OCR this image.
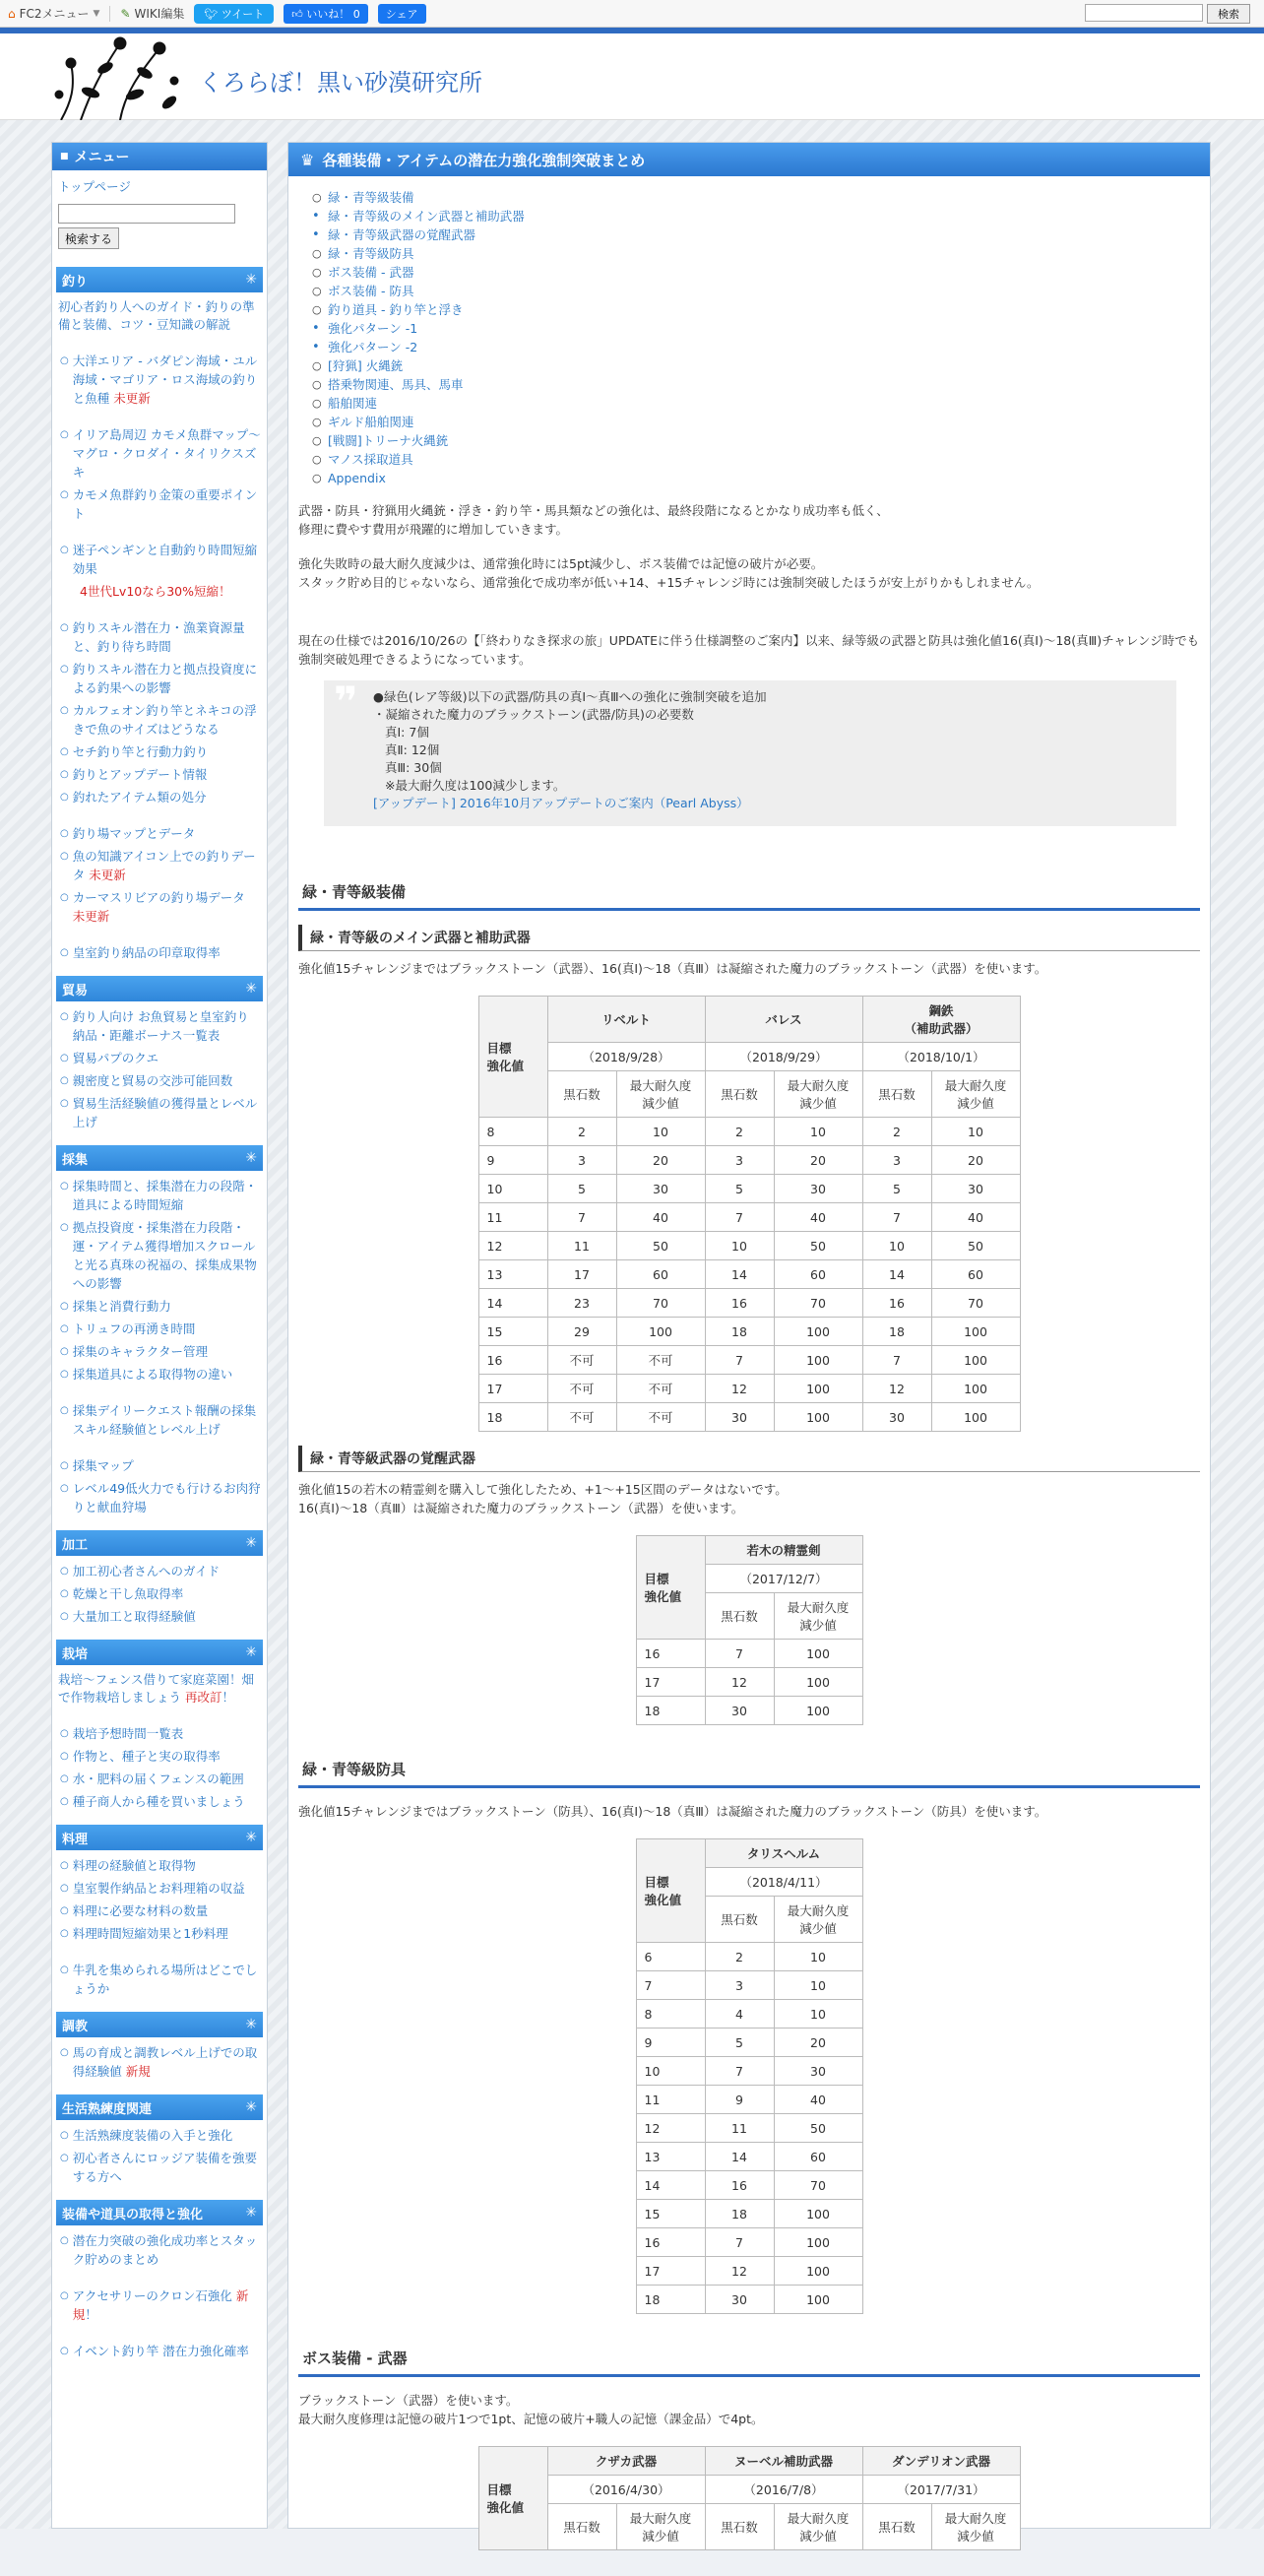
⌂ FC2メニュー ▼ ✎ WIKI編集	🐦︎ ツイート	👍︎ いいね！ 0	シェア	検索
くろらぼ！黒い砂漠研究所
■ メニュー
トップページ
検索する
釣り	✳
初心者釣り人へのガイド・釣りの準備と装備、コツ・豆知識の解説
○ 大洋エリア - バダピン海域・ユル海域・マゴリア・ロス海域の釣りと魚種 未更新
○ イリア島周辺 カモメ魚群マップ～マグロ・クロダイ・タイリクスズキ
○ カモメ魚群釣り金策の重要ポイント
○ 迷子ペンギンと自動釣り時間短縮効果
4世代Lv10なら30%短縮！
○ 釣りスキル潜在力・漁業資源量と、釣り待ち時間
○ 釣りスキル潜在力と拠点投資度による釣果への影響
○ カルフェオン釣り竿とネキコの浮きで魚のサイズはどうなる
○ セチ釣り竿と行動力釣り
○ 釣りとアップデート情報
○ 釣れたアイテム類の処分
○ 釣り場マップとデータ
○ 魚の知識アイコン上での釣りデータ 未更新
○ カーマスリビアの釣り場データ 未更新
○ 皇室釣り納品の印章取得率
貿易	✳
○ 釣り人向け お魚貿易と皇室釣り納品・距離ボーナス一覧表
○ 貿易パプのクエ
○ 親密度と貿易の交渉可能回数
○ 貿易生活経験値の獲得量とレベル上げ
採集	✳
○ 採集時間と、採集潜在力の段階・道具による時間短縮
○ 拠点投資度・採集潜在力段階・運・アイテム獲得増加スクロールと光る真珠の祝福の、採集成果物への影響
○ 採集と消費行動力
○ トリュフの再湧き時間
○ 採集のキャラクター管理
○ 採集道具による取得物の違い
○ 採集デイリークエスト報酬の採集スキル経験値とレベル上げ
○ 採集マップ
○ レベル49低火力でも行けるお肉狩りと献血狩場
加工	✳
○ 加工初心者さんへのガイド
○ 乾燥と干し魚取得率
○ 大量加工と取得経験値
栽培	✳
栽培～フェンス借りて家庭菜園！畑で作物栽培しましょう 再改訂！
○ 栽培予想時間一覧表
○ 作物と、種子と実の取得率
○ 水・肥料の届くフェンスの範囲
○ 種子商人から種を買いましょう
料理	✳
○ 料理の経験値と取得物
○ 皇室製作納品とお料理箱の収益
○ 料理に必要な材料の数量
○ 料理時間短縮効果と1秒料理
○ 牛乳を集められる場所はどこでしょうか
調教	✳
○ 馬の育成と調教レベル上げでの取得経験値 新規
生活熟練度関連	✳
○ 生活熟練度装備の入手と強化
○ 初心者さんにロッジア装備を強要する方へ
装備や道具の取得と強化	✳
○ 潜在力突破の強化成功率とスタック貯めのまとめ
○ アクセサリーのクロン石強化 新規！
○ イベント釣り竿 潜在力強化確率
♛ 各種装備・アイテムの潜在力強化強制突破まとめ
○ 緑・青等級装備
• 緑・青等級のメイン武器と補助武器
• 緑・青等級武器の覚醒武器
○ 緑・青等級防具
○ ボス装備 - 武器
○ ボス装備 - 防具
○ 釣り道具 - 釣り竿と浮き
• 強化パターン -1
• 強化パターン -2
○ [狩猟] 火縄銃
○ 搭乗物関連、馬具、馬車
○ 船舶関連
○ ギルド船舶関連
○ [戦闘]トリーナ火縄銃
○ マノス採取道具
○ Appendix

武器・防具・狩猟用火縄銃・浮き・釣り竿・馬具類などの強化は、最終段階になるとかなり成功率も低く、
修理に費やす費用が飛躍的に増加していきます。

強化失敗時の最大耐久度減少は、通常強化時には5pt減少し、ボス装備では記憶の破片が必要。
スタック貯め目的じゃないなら、通常強化で成功率が低い+14、+15チャレンジ時には強制突破したほうが安上がりかもしれません。

現在の仕様では2016/10/26の【「終わりなき探求の旅」UPDATEに伴う仕様調整のご案内】以来、緑等級の武器と防具は強化値16(真Ⅰ)～18(真Ⅲ)チャレンジ時でも強制突破処理できるようになっています。

❞ ●緑色(レア等級)以下の武器/防具の真Ⅰ～真Ⅲへの強化に強制突破を追加
・凝縮された魔力のブラックストーン(武器/防具)の必要数
真Ⅰ: 7個
真Ⅱ: 12個
真Ⅲ: 30個
※最大耐久度は100減少します。
[アップデート] 2016年10月アップデートのご案内（Pearl Abyss）
緑・青等級装備
緑・青等級のメイン武器と補助武器

強化値15チャレンジまではブラックストーン（武器）、16(真Ⅰ)～18（真Ⅲ）は凝縮された魔力のブラックストーン（武器）を使います。

目標
強化値	リベルト		バレス		鋼鉄
（補助武器）	
	（2018/9/28）		（2018/9/29）		（2018/10/1）	
	黒石数	最大耐久度減少値	黒石数	最大耐久度減少値	黒石数	最大耐久度減少値
8	2	10	2	10	2	10
9	3	20	3	20	3	20
10	5	30	5	30	5	30
11	7	40	7	40	7	40
12	11	50	10	50	10	50
13	17	60	14	60	14	60
14	23	70	16	70	16	70
15	29	100	18	100	18	100
16	不可	不可	7	100	7	100
17	不可	不可	12	100	12	100
18	不可	不可	30	100	30	100
緑・青等級武器の覚醒武器

強化値15の若木の精霊剣を購入して強化したため、+1～+15区間のデータはないです。
16(真Ⅰ)～18（真Ⅲ）は凝縮された魔力のブラックストーン（武器）を使います。

目標
強化値	若木の精霊剣	
	（2017/12/7）	
	黒石数	最大耐久度減少値
16	7	100
17	12	100
18	30	100
緑・青等級防具

強化値15チャレンジまではブラックストーン（防具）、16(真Ⅰ)～18（真Ⅲ）は凝縮された魔力のブラックストーン（防具）を使います。

目標
強化値	タリスヘルム	
	（2018/4/11）	
	黒石数	最大耐久度減少値
6	2	10
7	3	10
8	4	10
9	5	20
10	7	30
11	9	40
12	11	50
13	14	60
14	16	70
15	18	100
16	7	100
17	12	100
18	30	100
ボス装備 - 武器

ブラックストーン（武器）を使います。
最大耐久度修理は記憶の破片1つで1pt、記憶の破片+職人の記憶（課金品）で4pt。

目標
強化値	クザカ武器		ヌーベル補助武器		ダンデリオン武器	
	（2016/4/30）		（2016/7/8）		（2017/7/31）	
	黒石数	最大耐久度減少値	黒石数	最大耐久度減少値	黒石数	最大耐久度減少値
